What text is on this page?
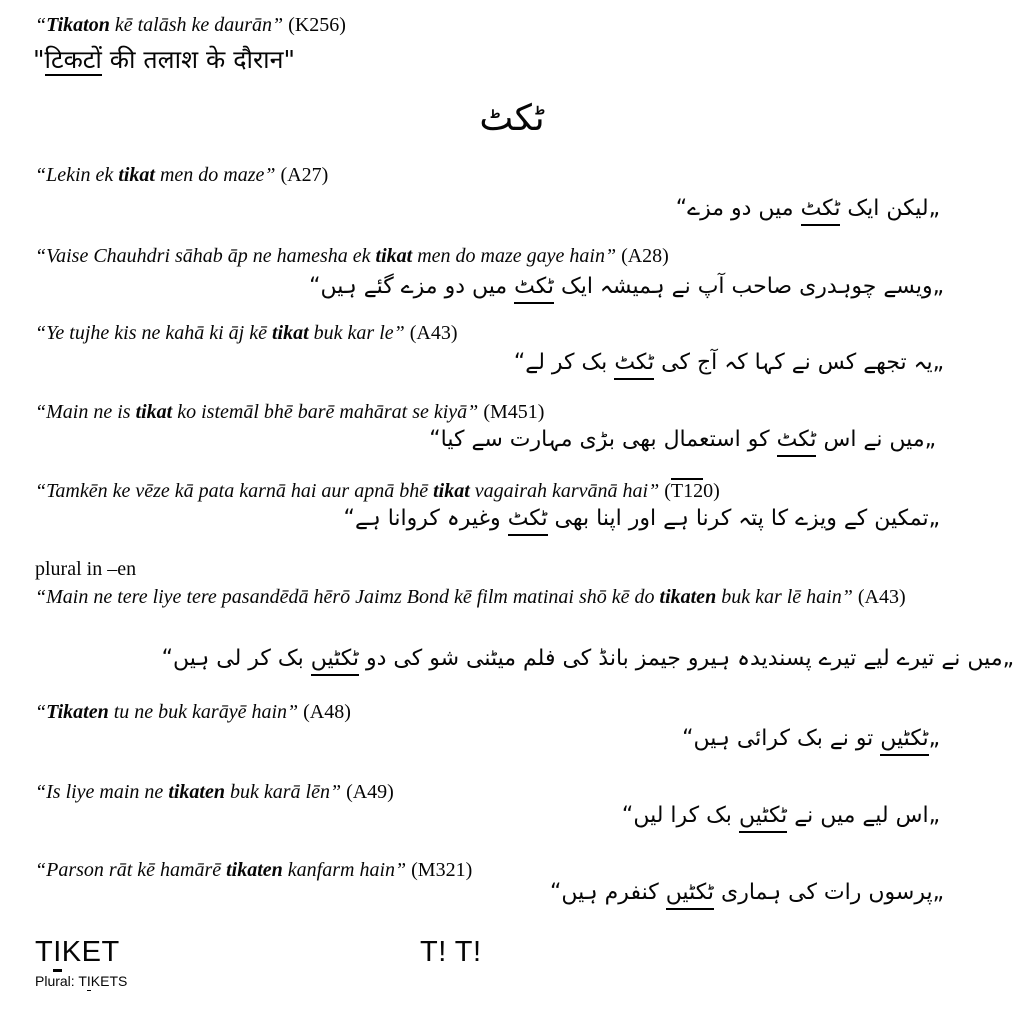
“Tikaton kē talāsh ke daurān” (K256)
"टिकटों की तलाश के दौरान"
ٹکٹ
“Lekin ek tikat men do maze” (A27)
„لیکن ایک ٹکٹ میں دو مزے“
“Vaise Chauhdri sāhab āp ne hamesha ek tikat men do maze gaye hain” (A28)
„ویسے چوہدری صاحب آپ نے ہمیشہ ایک ٹکٹ میں دو مزے گئے ہیں“
“Ye tujhe kis ne kahā ki āj kē tikat buk kar le” (A43)
„یہ تجھے کس نے کہا کہ آج کی ٹکٹ بک کر لے“
“Main ne is tikat ko istemāl bhē barē mahārat se kiyā” (M451)
„میں نے اس ٹکٹ کو استعمال بھی بڑی مہارت سے کیا“
“Tamkēn ke vēze kā pata karnā hai aur apnā bhē tikat vagairah karvānā hai” (T120)
„تمکین کے ویزے کا پتہ کرنا ہے اور اپنا بھی ٹکٹ وغیرہ کروانا ہے“
plural in –en
“Main ne tere liye tere pasandēdā hērō Jaimz Bond kē film matinai shō kē do tikaten buk kar lē hain” (A43)
„میں نے تیرے لیے تیرے پسندیدہ ہیرو جیمز بانڈ کی فلم میٹنی شو کی دو ٹکٹیں بک کر لی ہیں“
“Tikaten tu ne buk karāyē hain” (A48)
„ٹکٹیں تو نے بک کرائی ہیں“
“Is liye main ne tikaten buk karā lēn” (A49)
„اس لیے میں نے ٹکٹیں بک کرا لیں“
“Parson rāt kē hamārē tikaten kanfarm hain” (M321)
„پرسوں رات کی ہماری ٹکٹیں کنفرم ہیں“
TIKET	T! T!
Plural: TIKETS
